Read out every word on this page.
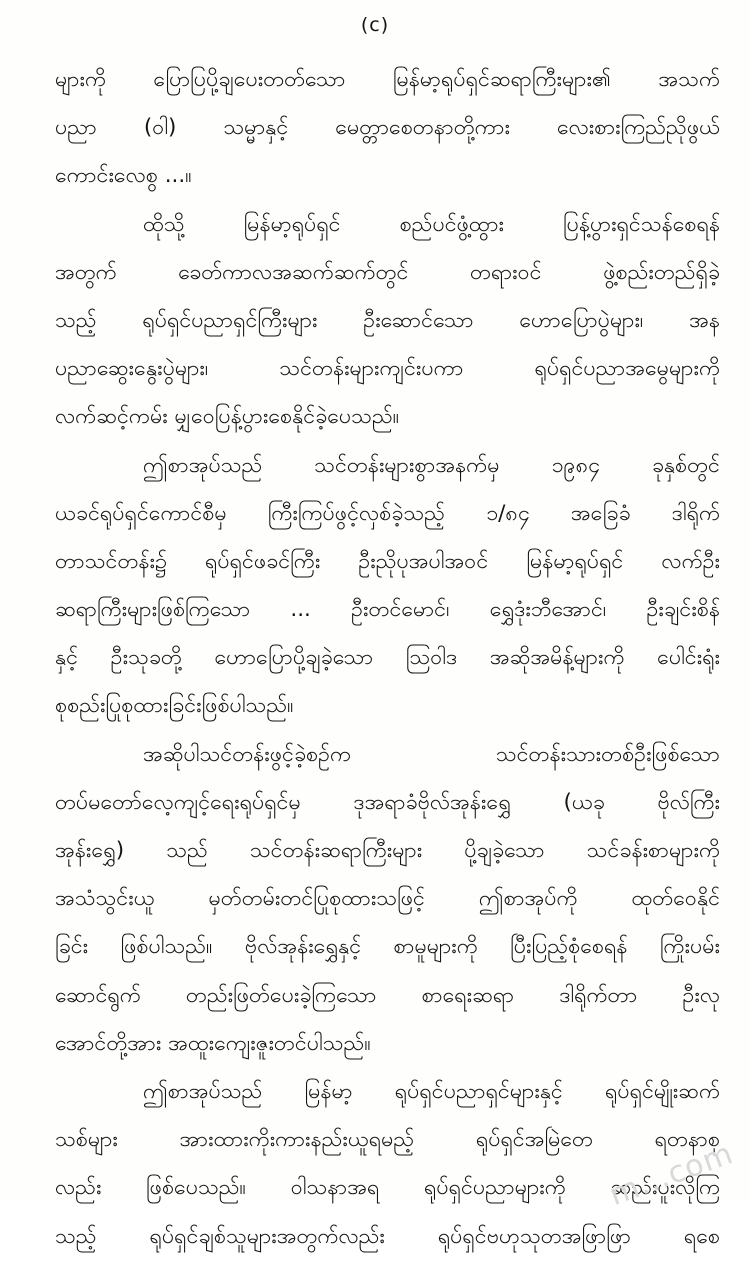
(c)
များကို ပြောပြပို့ချပေးတတ်သော မြန်မာ့ရုပ်ရှင်ဆရာကြီးများ၏ အသက်
ပညာ (ဝါ) သမ္မာနှင့် မေတ္တာစေတနာတို့ကား လေးစားကြည်ညိုဖွယ်
ကောင်းလေစွ ...။
ထိုသို့ မြန်မာ့ရုပ်ရှင် စည်ပင်ဖွံ့ထွား ပြန့်ပွားရှင်သန်စေရန်
အတွက် ခေတ်ကာလအဆက်ဆက်တွင် တရားဝင် ဖွဲ့စည်းတည်ရှိခဲ့
သည့် ရုပ်ရှင်ပညာရှင်ကြီးများ ဦးဆောင်သော ဟောပြောပွဲများ၊ အန
ပညာဆွေးနွေးပွဲများ၊ သင်တန်းများကျင်းပကာ ရုပ်ရှင်ပညာအမွေများကို
လက်ဆင့်ကမ်း မျှဝေပြန့်ပွားစေနိုင်ခဲ့ပေသည်။
ဤစာအုပ်သည် သင်တန်းများစွာအနက်မှ ၁၉၈၄ ခုနှစ်တွင်
ယခင်ရုပ်ရှင်ကောင်စီမှ ကြီးကြပ်ဖွင့်လှစ်ခဲ့သည့် ၁/၈၄ အခြေခံ ဒါရိုက်
တာသင်တန်း၌ ရုပ်ရှင်ဖခင်ကြီး ဦးညိုပုအပါအဝင် မြန်မာ့ရုပ်ရှင် လက်ဦး
ဆရာကြီးများဖြစ်ကြသော ... ဦးတင်မောင်၊ ရွှေဒုံးဘီအောင်၊ ဦးချင်းစိန်
နှင့် ဦးသုခတို့ ဟောပြောပို့ချခဲ့သော ဩဝါဒ အဆိုအမိန့်များကို ပေါင်းရုံး
စုစည်းပြုစုထားခြင်းဖြစ်ပါသည်။
အဆိုပါသင်တန်းဖွင့်ခဲ့စဉ်က သင်တန်းသားတစ်ဦးဖြစ်သော
တပ်မတော်လေ့ကျင့်ရေးရုပ်ရှင်မှ ဒုအရာခံဗိုလ်အုန်းရွှေ (ယခု ဗိုလ်ကြီး
အုန်းရွှေ) သည် သင်တန်းဆရာကြီးများ ပို့ချခဲ့သော သင်ခန်းစာများကို
အသံသွင်းယူ မှတ်တမ်းတင်ပြုစုထားသဖြင့် ဤစာအုပ်ကို ထုတ်ဝေနိုင်
ခြင်း ဖြစ်ပါသည်။ ဗိုလ်အုန်းရွှေနှင့် စာမူများကို ပြီးပြည့်စုံစေရန် ကြိုးပမ်း
ဆောင်ရွက် တည်းဖြတ်ပေးခဲ့ကြသော စာရေးဆရာ ဒါရိုက်တာ ဦးလု
အောင်တို့အား အထူးကျေးဇူးတင်ပါသည်။
ဤစာအုပ်သည် မြန်မာ့ ရုပ်ရှင်ပညာရှင်များနှင့် ရုပ်ရှင်မျိုးဆက်
သစ်များ အားထားကိုးကားနည်းယူရမည့် ရုပ်ရှင်အမြဲတေ ရတနာစု
လည်း ဖြစ်ပေသည်။ ဝါသနာအရ ရုပ်ရှင်ပညာများကို ဆည်းပူးလိုကြ
သည့် ရုပ်ရှင်ချစ်သူများအတွက်လည်း ရုပ်ရှင်ဗဟုသုတအဖြာဖြာ ရစေ
m...com
